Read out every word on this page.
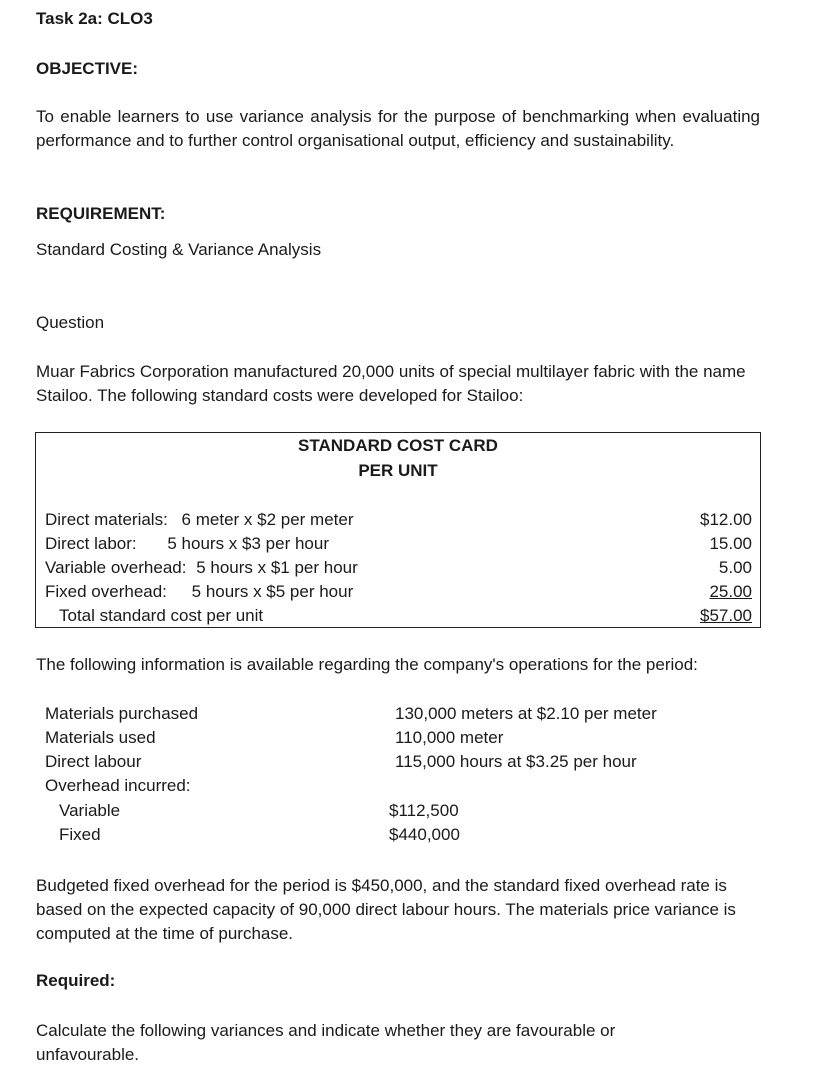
Task 2a: CLO3
OBJECTIVE:
To enable learners to use variance analysis for the purpose of benchmarking when evaluating performance and to further control organisational output, efficiency and sustainability.
REQUIREMENT:
Standard Costing & Variance Analysis
Question
Muar Fabrics Corporation manufactured 20,000 units of special multilayer fabric with the name Stailoo. The following standard costs were developed for Stailoo:
STANDARD COST CARD
PER UNIT
Direct materials: 6 meter x $2 per meter	$12.00
Direct labor: 5 hours x $3 per hour	15.00
Variable overhead: 5 hours x $1 per hour	5.00
Fixed overhead: 5 hours x $5 per hour	25.00
Total standard cost per unit	$57.00
The following information is available regarding the company's operations for the period:
Materials purchased	130,000 meters at $2.10 per meter
Materials used	110,000 meter
Direct labour	115,000 hours at $3.25 per hour
Overhead incurred:
Variable	$112,500
Fixed	$440,000
Budgeted fixed overhead for the period is $450,000, and the standard fixed overhead rate is based on the expected capacity of 90,000 direct labour hours. The materials price variance is computed at the time of purchase.
Required:
Calculate the following variances and indicate whether they are favourable or unfavourable.
